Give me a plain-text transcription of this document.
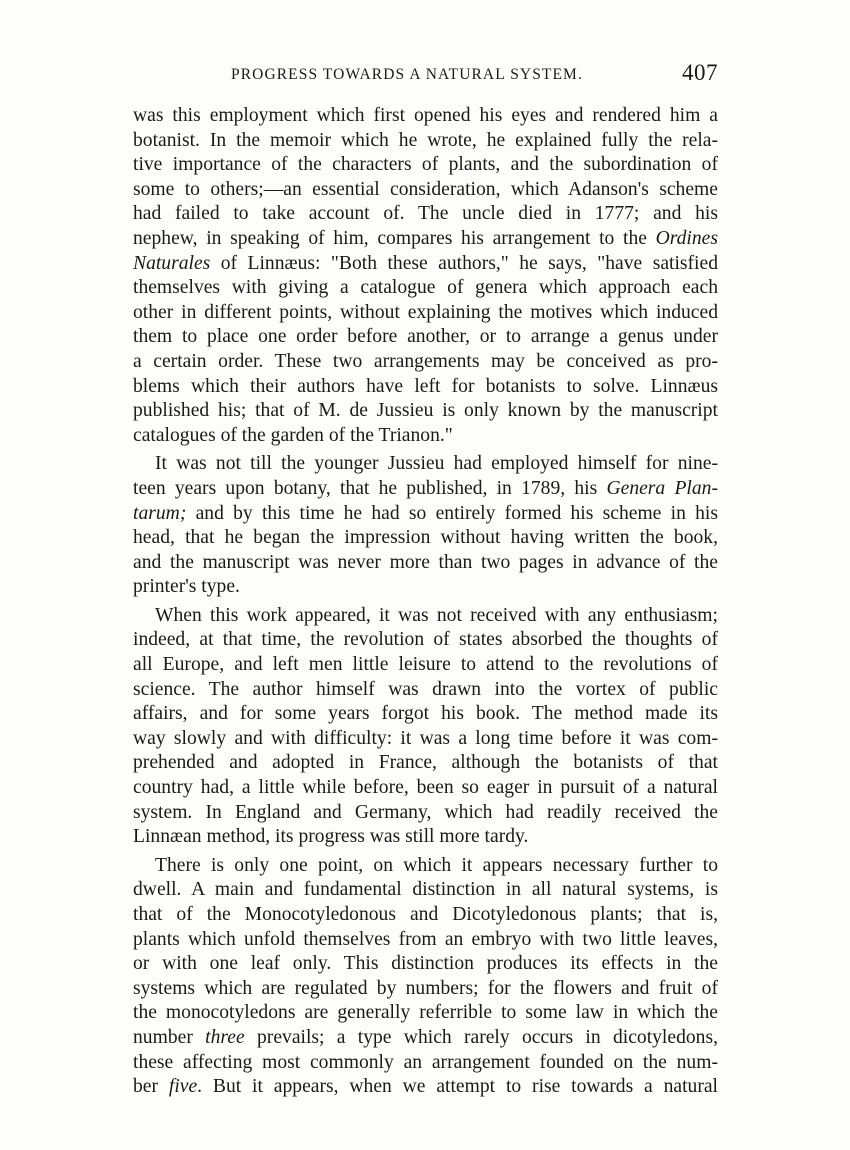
PROGRESS TOWARDS A NATURAL SYSTEM.	407
was this employment which first opened his eyes and rendered him a
botanist. In the memoir which he wrote, he explained fully the rela-
tive importance of the characters of plants, and the subordination of
some to others;—an essential consideration, which Adanson's scheme
had failed to take account of. The uncle died in 1777; and his
nephew, in speaking of him, compares his arrangement to the Ordines
Naturales of Linnæus: "Both these authors," he says, "have satisfied
themselves with giving a catalogue of genera which approach each
other in different points, without explaining the motives which induced
them to place one order before another, or to arrange a genus under
a certain order. These two arrangements may be conceived as pro-
blems which their authors have left for botanists to solve. Linnæus
published his; that of M. de Jussieu is only known by the manuscript
catalogues of the garden of the Trianon."
It was not till the younger Jussieu had employed himself for nine-
teen years upon botany, that he published, in 1789, his Genera Plan-
tarum; and by this time he had so entirely formed his scheme in his
head, that he began the impression without having written the book,
and the manuscript was never more than two pages in advance of the
printer's type.
When this work appeared, it was not received with any enthusiasm;
indeed, at that time, the revolution of states absorbed the thoughts of
all Europe, and left men little leisure to attend to the revolutions of
science. The author himself was drawn into the vortex of public
affairs, and for some years forgot his book. The method made its
way slowly and with difficulty: it was a long time before it was com-
prehended and adopted in France, although the botanists of that
country had, a little while before, been so eager in pursuit of a natural
system. In England and Germany, which had readily received the
Linnæan method, its progress was still more tardy.
There is only one point, on which it appears necessary further to
dwell. A main and fundamental distinction in all natural systems, is
that of the Monocotyledonous and Dicotyledonous plants; that is,
plants which unfold themselves from an embryo with two little leaves,
or with one leaf only. This distinction produces its effects in the
systems which are regulated by numbers; for the flowers and fruit of
the monocotyledons are generally referrible to some law in which the
number three prevails; a type which rarely occurs in dicotyledons,
these affecting most commonly an arrangement founded on the num-
ber five. But it appears, when we attempt to rise towards a natural
